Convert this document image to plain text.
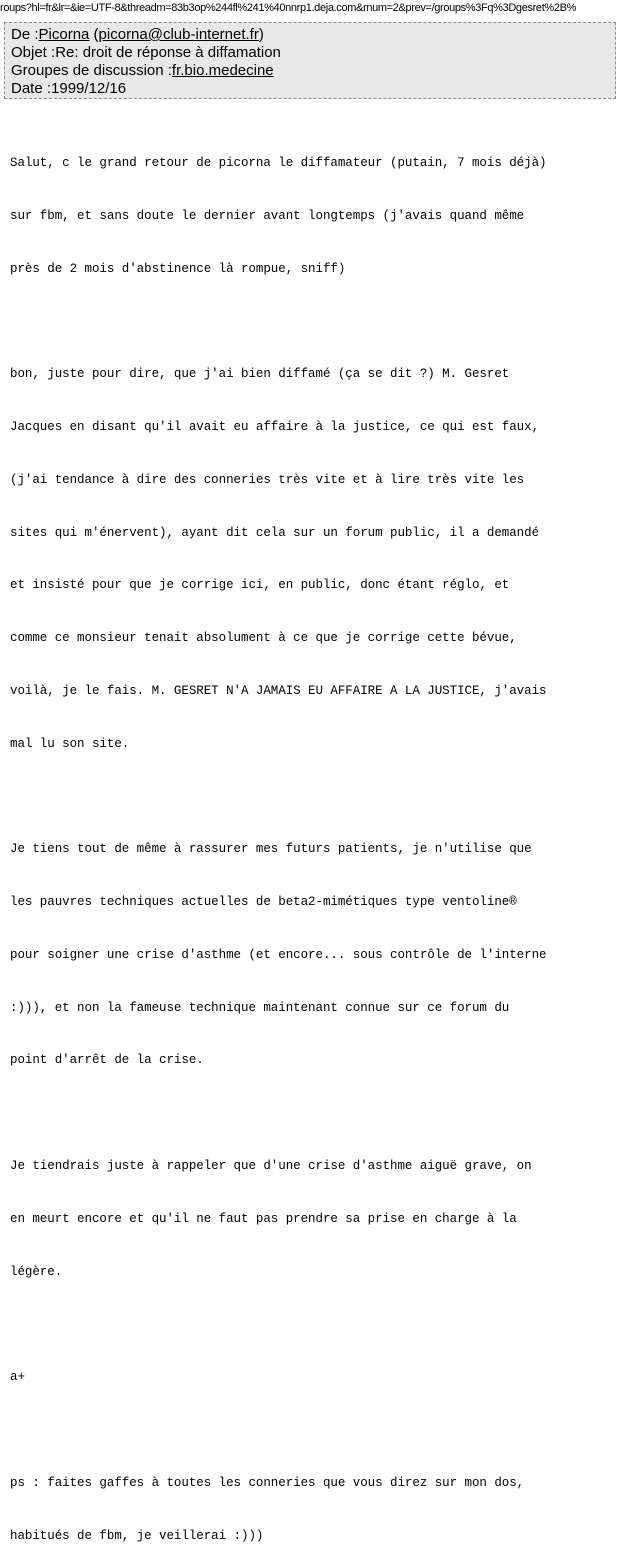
roups?hl=fr&lr=&ie=UTF-8&threadm=83b3op%244fl%241%40nnrp1.deja.com&rnum=2&prev=/groups%3Fq%3Dgesret%2B%
De :Picorna (picorna@club-internet.fr)
Objet :Re: droit de réponse à diffamation
Groupes de discussion :fr.bio.medecine
Date :1999/12/16

Salut, c le grand retour de picorna le diffamateur (putain, 7 mois déjà)

sur fbm, et sans doute le dernier avant longtemps (j'avais quand même

près de 2 mois d'abstinence là rompue, sniff)

bon, juste pour dire, que j'ai bien diffamé (ça se dit ?) M. Gesret

Jacques en disant qu'il avait eu affaire à la justice, ce qui est faux,

(j'ai tendance à dire des conneries très vite et à lire très vite les

sites qui m'énervent), ayant dit cela sur un forum public, il a demandé

et insisté pour que je corrige ici, en public, donc étant réglo, et

comme ce monsieur tenait absolument à ce que je corrige cette bévue,

voilà, je le fais. M. GESRET N'A JAMAIS EU AFFAIRE A LA JUSTICE, j'avais

mal lu son site.

Je tiens tout de même à rassurer mes futurs patients, je n'utilise que

les pauvres techniques actuelles de beta2-mimétiques type ventoline®

pour soigner une crise d'asthme (et encore... sous contrôle de l'interne

:))), et non la fameuse technique maintenant connue sur ce forum du

point d'arrêt de la crise.

Je tiendrais juste à rappeler que d'une crise d'asthme aiguë grave, on

en meurt encore et qu'il ne faut pas prendre sa prise en charge à la

légère.

a+

ps : faites gaffes à toutes les conneries que vous direz sur mon dos,

habitués de fbm, je veillerai :)))
